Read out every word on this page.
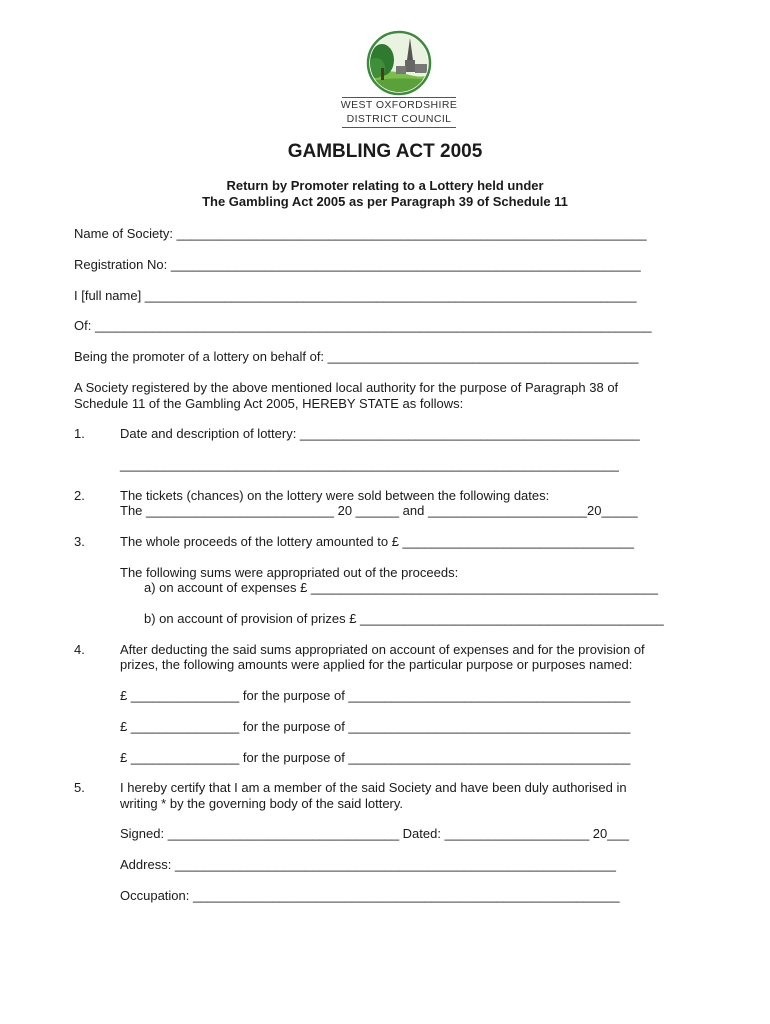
WEST OXFORDSHIRE
DISTRICT COUNCIL
GAMBLING ACT 2005
Return by Promoter relating to a Lottery held under
The Gambling Act 2005 as per Paragraph 39 of Schedule 11
Name of Society: _________________________________________________________________
Registration No: _________________________________________________________________
I [full name] ____________________________________________________________________
Of: _____________________________________________________________________________
Being the promoter of a lottery on behalf of: ___________________________________________
A Society registered by the above mentioned local authority for the purpose of Paragraph 38 of
Schedule 11 of the Gambling Act 2005, HEREBY STATE as follows:
1.	Date and description of lottery: _______________________________________________
_____________________________________________________________________
2.	The tickets (chances) on the lottery were sold between the following dates:
The __________________________ 20 ______ and ______________________20_____
3.	The whole proceeds of the lottery amounted to £ ________________________________
The following sums were appropriated out of the proceeds:
a) on account of expenses £ ________________________________________________
b) on account of provision of prizes £ __________________________________________
4.	After deducting the said sums appropriated on account of expenses and for the provision of
prizes, the following amounts were applied for the particular purpose or purposes named:
£ _______________ for the purpose of _______________________________________
£ _______________ for the purpose of _______________________________________
£ _______________ for the purpose of _______________________________________
5.	I hereby certify that I am a member of the said Society and have been duly authorised in
writing * by the governing body of the said lottery.
Signed: ________________________________ Dated: ____________________ 20___
Address: _____________________________________________________________
Occupation: ___________________________________________________________
